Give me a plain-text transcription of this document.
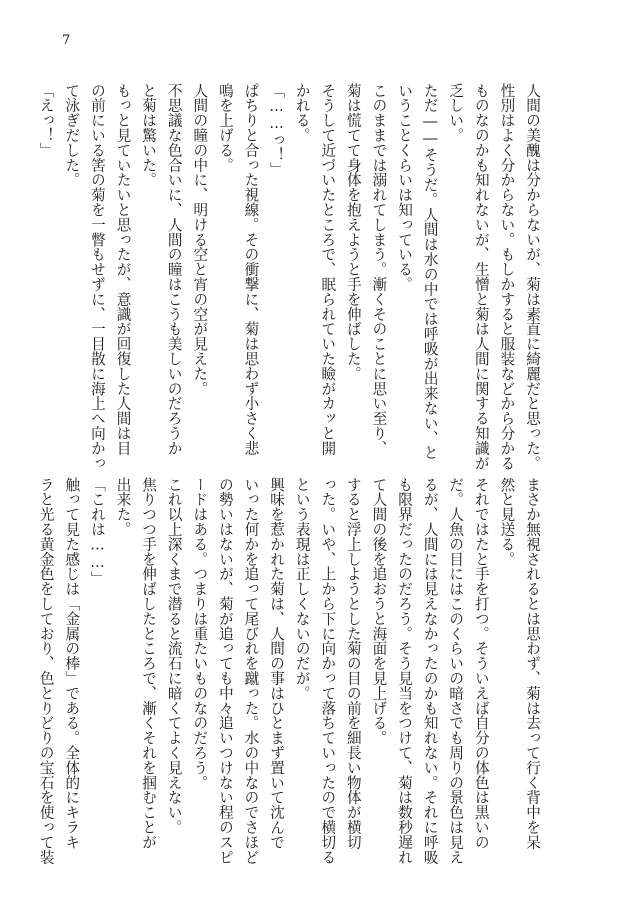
7
人間の美醜は分からないが、菊は素直に綺麗だと思った。
性別はよく分からない。もしかすると服装などから分かる
ものなのかも知れないが、生憎と菊は人間に関する知識が
乏しい。
ただ――そうだ。人間は水の中では呼吸が出来ない、と
いうことくらいは知っている。
このままでは溺れてしまう。漸くそのことに思い至り、
菊は慌てて身体を抱えようと手を伸ばした。
そうして近づいたところで、眠られていた瞼がカッと開
かれる。
「……っ！」
ぱちりと合った視線。その衝撃に、菊は思わず小さく悲
鳴を上げる。
人間の瞳の中に、明ける空と宵の空が見えた。
不思議な色合いに、人間の瞳はこうも美しいのだろうか
と菊は驚いた。
もっと見ていたいと思ったが、意識が回復した人間は目
の前にいる筈の菊を一瞥もせずに、一目散に海上へ向かっ
て泳ぎだした。
「えっ！」
まさか無視されるとは思わず、菊は去って行く背中を呆
然と見送る。
それではたと手を打つ。そういえば自分の体色は黒いの
だ。人魚の目にはこのくらいの暗さでも周りの景色は見え
るが、人間には見えなかったのかも知れない。それに呼吸
も限界だったのだろう。そう見当をつけて、菊は数秒遅れ
て人間の後を追おうと海面を見上げる。
すると浮上しようとした菊の目の前を細長い物体が横切
った。いや、上から下に向かって落ちていったので横切る
という表現は正しくないのだが。
興味を惹かれた菊は、人間の事はひとまず置いて沈んで
いった何かを追って尾びれを蹴った。水の中なのでさほど
の勢いはないが、菊が追っても中々追いつけない程のスピ
ードはある。つまりは重たいものなのだろう。
これ以上深くまで潜ると流石に暗くてよく見えない。
焦りつつ手を伸ばしたところで、漸くそれを掴むことが
出来た。
「これは……」
触って見た感じは「金属の棒」である。全体的にキラキ
ラと光る黄金色をしており、色とりどりの宝石を使って装
